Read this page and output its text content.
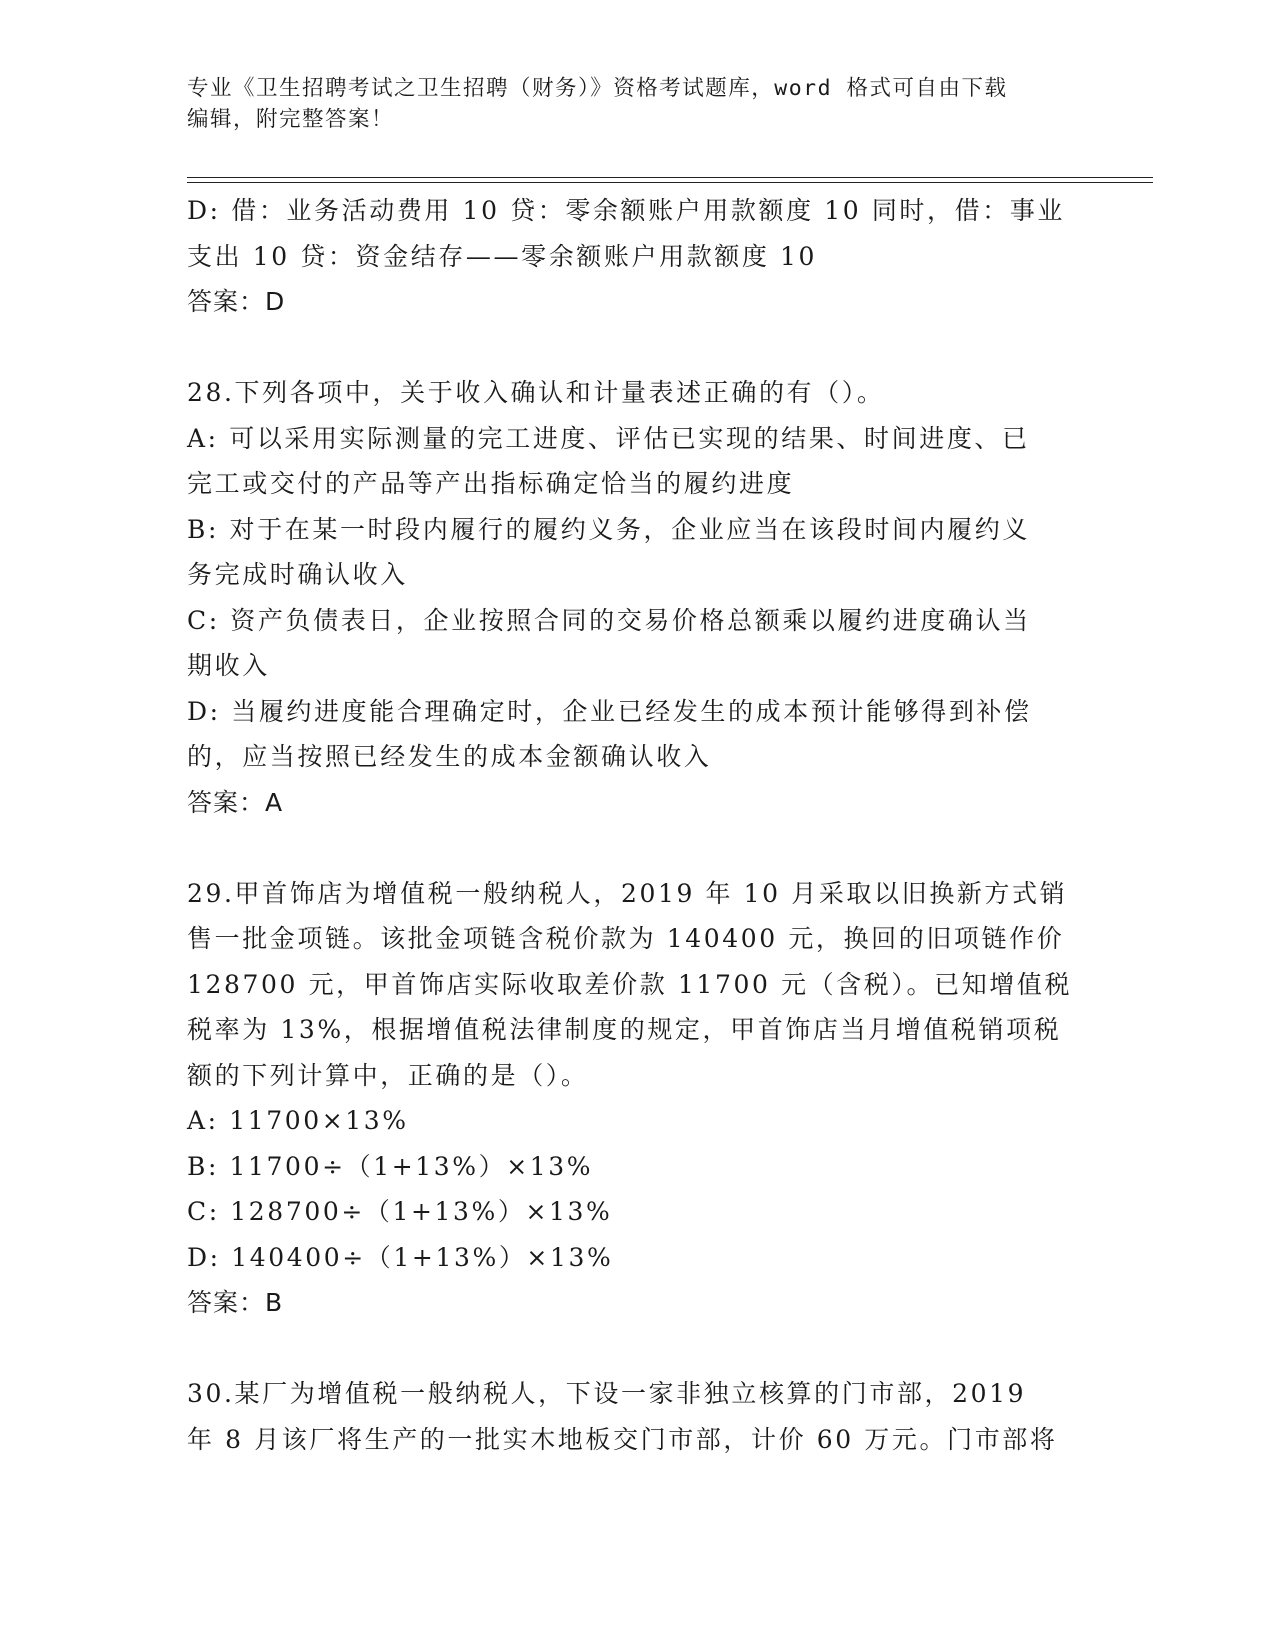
专业《卫生招聘考试之卫生招聘（财务）》资格考试题库，word 格式可自由下载
编辑，附完整答案！
D: 借：业务活动费用 10 贷：零余额账户用款额度 10 同时，借：事业
支出 10 贷：资金结存——零余额账户用款额度 10
答案：D
28.下列各项中，关于收入确认和计量表述正确的有（）。
A: 可以采用实际测量的完工进度、评估已实现的结果、时间进度、已
完工或交付的产品等产出指标确定恰当的履约进度
B: 对于在某一时段内履行的履约义务，企业应当在该段时间内履约义
务完成时确认收入
C: 资产负债表日，企业按照合同的交易价格总额乘以履约进度确认当
期收入
D: 当履约进度能合理确定时，企业已经发生的成本预计能够得到补偿
的，应当按照已经发生的成本金额确认收入
答案：A
29.甲首饰店为增值税一般纳税人，2019 年 10 月采取以旧换新方式销
售一批金项链。该批金项链含税价款为 140400 元，换回的旧项链作价
128700 元，甲首饰店实际收取差价款 11700 元（含税）。已知增值税
税率为 13%，根据增值税法律制度的规定，甲首饰店当月增值税销项税
额的下列计算中，正确的是（）。
A: 11700×13%
B: 11700÷（1+13%）×13%
C: 128700÷（1+13%）×13%
D: 140400÷（1+13%）×13%
答案：B
30.某厂为增值税一般纳税人，下设一家非独立核算的门市部，2019
年 8 月该厂将生产的一批实木地板交门市部，计价 60 万元。门市部将
